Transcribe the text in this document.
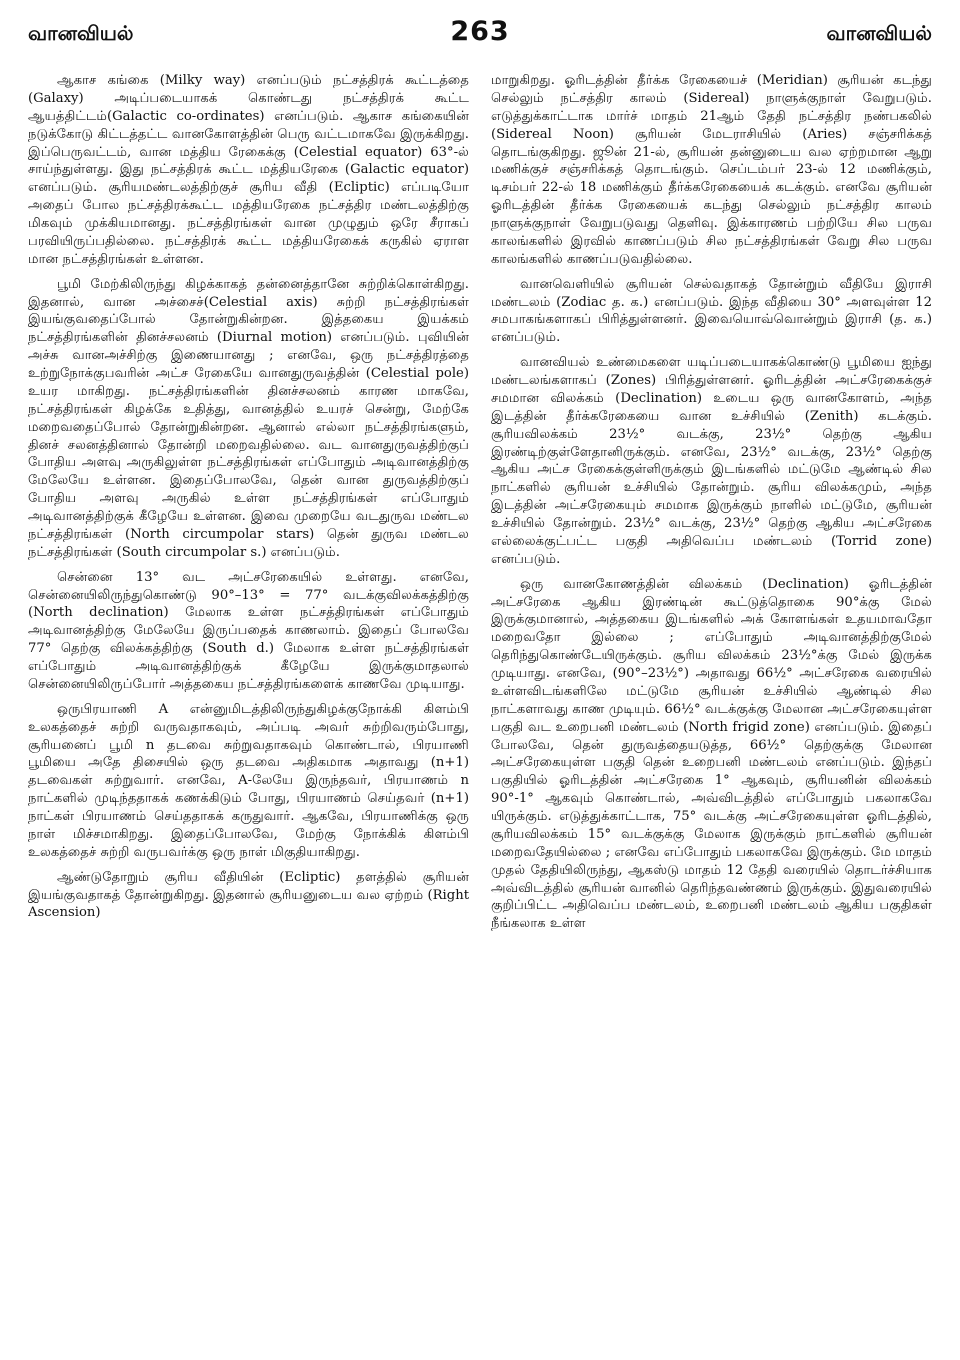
வானவியல்	263	வானவியல்

ஆகாச கங்கை (Milky way) எனப்படும் நட்சத்திரக் கூட்டத்தை (Galaxy) அடிப்படையாகக் கொண்டது நட்சத்திரக் கூட்ட ஆயத்திட்டம்(Galactic co-ordinates) எனப்படும். ஆகாச கங்கையின் நடுக்கோடு கிட்டத்தட்ட வானகோளத்தின் பெரு வட்டமாகவே இருக்கிறது. இப்பெருவட்டம், வான மத்திய ரேகைக்கு (Celestial equator) 63°-ல் சாய்ந்துள்ளது. இது நட்சத்திரக் கூட்ட மத்தியரேகை (Galactic equator) எனப்படும். சூரியமண்டலத்திற்குச் சூரிய வீதி (Ecliptic) எப்படியோ அதைப் போல நட்சத்திரக்கூட்ட மத்தியரேகை நட்சத்திர மண்டலத்திற்கு மிகவும் முக்கியமானது. நட்சத்திரங்கள் வான முழுதும் ஒரே சீராகப் பரவியிருப்பதில்லை. நட்சத்திரக் கூட்ட மத்தியரேகைக் கருகில் ஏராள மான நட்சத்திரங்கள் உள்ளன.

பூமி மேற்கிலிருந்து கிழக்காகத் தன்னைத்தானே சுற்றிக்கொள்கிறது. இதனால், வான அச்சைச்(Celestial axis) சுற்றி நட்சத்திரங்கள் இயங்குவதைப்போல் தோன்றுகின்றன. இத்தகைய இயக்கம் நட்சத்திரங்களின் தினச்சலனம் (Diurnal motion) எனப்படும். புவியின் அச்சு வானஅச்சிற்கு இணையானது ; எனவே, ஒரு நட்சத்திரத்தை உற்றுநோக்குபவரின் அட்ச ரேகையே வானதுருவத்தின் (Celestial pole) உயர மாகிறது. நட்சத்திரங்களின் தினச்சலனம் காரண மாகவே, நட்சத்திரங்கள் கிழக்கே உதித்து, வானத்தில் உயரச் சென்று, மேற்கே மறைவதைப்போல் தோன்றுகின்றன. ஆனால் எல்லா நட்சத்திரங்களும், தினச் சலனத்தினால் தோன்றி மறைவதில்லை. வட வானதுருவத்திற்குப் போதிய அளவு அருகிலுள்ள நட்சத்திரங்கள் எப்போதும் அடிவானத்திற்கு மேலேயே உள்ளன. இதைப்போலவே, தென் வான துருவத்திற்குப் போதிய அளவு அருகில் உள்ள நட்சத்திரங்கள் எப்போதும் அடிவானத்திற்குக் கீழேயே உள்ளன. இவை முறையே வடதுருவ மண்டல நட்சத்திரங்கள் (North circumpolar stars) தென் துருவ மண்டல நட்சத்திரங்கள் (South circumpolar s.) எனப்படும்.

சென்னை 13° வட அட்சரேகையில் உள்ளது. எனவே, சென்னையிலிருந்துகொண்டு 90°–13° = 77° வடக்குவிலக்கத்திற்கு (North declination) மேலாக உள்ள நட்சத்திரங்கள் எப்போதும் அடிவானத்திற்கு மேலேயே இருப்பதைக் காணலாம். இதைப் போலவே 77° தெற்கு விலக்கத்திற்கு (South d.) மேலாக உள்ள நட்சத்திரங்கள் எப்போதும் அடிவானத்திற்குக் கீழேயே இருக்குமாதலால் சென்னையிலிருப்போர் அத்தகைய நட்சத்திரங்களைக் காணவே முடியாது.

ஒருபிரயாணி A என்னுமிடத்திலிருந்துகிழக்குநோக்கி கிளம்பி உலகத்தைச் சுற்றி வருவதாகவும், அப்படி அவர் சுற்றிவரும்போது, சூரியனைப் பூமி n தடவை சுற்றுவதாகவும் கொண்டால், பிரயாணி பூமியை அதே திசையில் ஒரு தடவை அதிகமாக அதாவது (n+1) தடவைகள் சுற்றுவார். எனவே, A-லேயே இருந்தவர், பிரயாணம் n நாட்களில் முடிந்ததாகக் கணக்கிடும் போது, பிரயாணம் செய்தவர் (n+1) நாட்கள் பிரயாணம் செய்ததாகக் கருதுவார். ஆகவே, பிரயாணிக்கு ஒரு நாள் மிச்சமாகிறது. இதைப்போலவே, மேற்கு நோக்கிக் கிளம்பி உலகத்தைச் சுற்றி வருபவர்க்கு ஒரு நாள் மிகுதியாகிறது.

ஆண்டுதோறும் சூரிய வீதியின் (Ecliptic) தளத்தில் சூரியன் இயங்குவதாகத் தோன்றுகிறது. இதனால் சூரியனுடைய வல ஏற்றம் (Right Ascension)

மாறுகிறது. ஓரிடத்தின் தீர்க்க ரேகையைச் (Meridian) சூரியன் கடந்து செல்லும் நட்சத்திர காலம் (Sidereal) நாளுக்குநாள் வேறுபடும். எடுத்துக்காட்டாக மார்ச் மாதம் 21ஆம் தேதி நட்சத்திர நண்பகலில் (Sidereal Noon) சூரியன் மேடராசியில் (Aries) சஞ்சரிக்கத் தொடங்குகிறது. ஜூன் 21-ல், சூரியன் தன்னுடைய வல ஏற்றமான ஆறு மணிக்குச் சஞ்சரிக்கத் தொடங்கும். செப்டம்பர் 23-ல் 12 மணிக்கும், டிசம்பர் 22-ல் 18 மணிக்கும் தீர்க்கரேகையைக் கடக்கும். எனவே சூரியன் ஓரிடத்தின் தீர்க்க ரேகையைக் கடந்து செல்லும் நட்சத்திர காலம் நாளுக்குநாள் வேறுபடுவது தெளிவு. இக்காரணம் பற்றியே சில பருவ காலங்களில் இரவில் காணப்படும் சில நட்சத்திரங்கள் வேறு சில பருவ காலங்களில் காணப்படுவதில்லை.

வானவெளியில் சூரியன் செல்வதாகத் தோன்றும் வீதியே இராசி மண்டலம் (Zodiac த. க.) எனப்படும். இந்த வீதியை 30° அளவுள்ள 12 சமபாகங்களாகப் பிரித்துள்ளனர். இவையொவ்வொன்றும் இராசி (த. க.) எனப்படும்.

வானவியல் உண்மைகளை யடிப்படையாகக்கொண்டு பூமியை ஐந்து மண்டலங்களாகப் (Zones) பிரித்துள்ளனர். ஓரிடத்தின் அட்சரேகைக்குச் சமமான விலக்கம் (Declination) உடைய ஒரு வானகோளம், அந்த இடத்தின் தீர்க்கரேகையை வான உச்சியில் (Zenith) கடக்கும். சூரியவிலக்கம் 23½° வடக்கு, 23½° தெற்கு ஆகிய இரண்டிற்குள்ளேதானிருக்கும். எனவே, 23½° வடக்கு, 23½° தெற்கு ஆகிய அட்ச ரேகைக்குள்ளிருக்கும் இடங்களில் மட்டுமே ஆண்டில் சில நாட்களில் சூரியன் உச்சியில் தோன்றும். சூரிய விலக்கமும், அந்த இடத்தின் அட்சரேகையும் சமமாக இருக்கும் நாளில் மட்டுமே, சூரியன் உச்சியில் தோன்றும். 23½° வடக்கு, 23½° தெற்கு ஆகிய அட்சரேகை எல்லைக்குட்பட்ட பகுதி அதிவெப்ப மண்டலம் (Torrid zone) எனப்படும்.

ஒரு வானகோணத்தின் விலக்கம் (Declination) ஓரிடத்தின் அட்சரேகை ஆகிய இரண்டின் கூட்டுத்தொகை 90°க்கு மேல் இருக்குமானால், அத்தகைய இடங்களில் அக் கோளங்கள் உதயமாவதோ மறைவதோ இல்லை ; எப்போதும் அடிவானத்திற்குமேல் தெரிந்துகொண்டேயிருக்கும். சூரிய விலக்கம் 23½°க்கு மேல் இருக்க முடியாது. எனவே, (90°–23½°) அதாவது 66½° அட்சரேகை வரையில் உள்ளவிடங்களிலே மட்டுமே சூரியன் உச்சியில் ஆண்டில் சில நாட்களாவது காண முடியும். 66½° வடக்குக்கு மேலான அட்சரேகையுள்ள பகுதி வட உறைபனி மண்டலம் (North frigid zone) எனப்படும். இதைப் போலவே, தென் துருவத்தையடுத்த, 66½° தெற்குக்கு மேலான அட்சரேகையுள்ள பகுதி தென் உறைபனி மண்டலம் எனப்படும். இந்தப் பகுதியில் ஓரிடத்தின் அட்சரேகை 1° ஆகவும், சூரியனின் விலக்கம் 90°-1° ஆகவும் கொண்டால், அவ்விடத்தில் எப்போதும் பகலாகவே யிருக்கும். எடுத்துக்காட்டாக, 75° வடக்கு அட்சரேகையுள்ள ஓரிடத்தில், சூரியவிலக்கம் 15° வடக்குக்கு மேலாக இருக்கும் நாட்களில் சூரியன் மறைவதேயில்லை ; எனவே எப்போதும் பகலாகவே இருக்கும். மே மாதம் முதல் தேதியிலிருந்து, ஆகஸ்டு மாதம் 12 தேதி வரையில் தொடர்ச்சியாக அவ்விடத்தில் சூரியன் வானில் தெரிந்தவண்ணம் இருக்கும். இதுவரையில் குறிப்பிட்ட அதிவெப்ப மண்டலம், உறைபனி மண்டலம் ஆகிய பகுதிகள் நீங்கலாக உள்ள
